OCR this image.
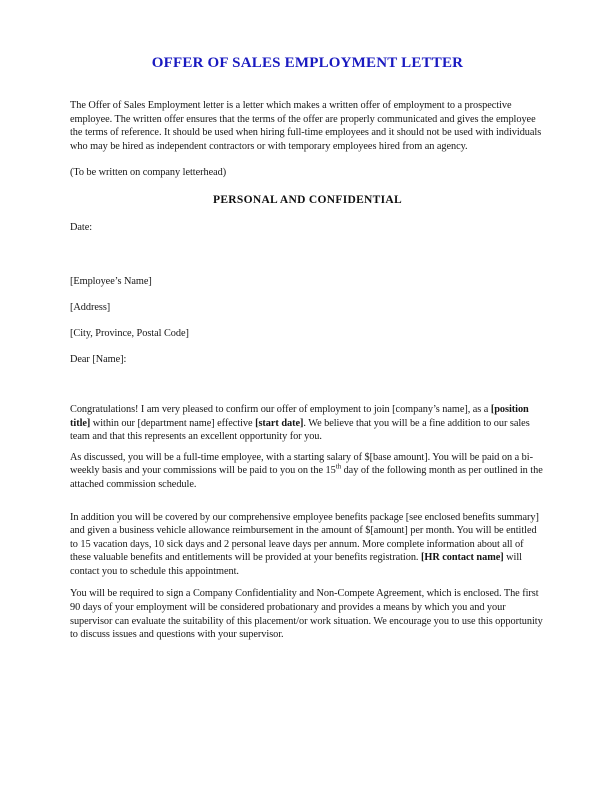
OFFER OF SALES EMPLOYMENT LETTER

The Offer of Sales Employment letter is a letter which makes a written offer of employment to a prospective employee. The written offer ensures that the terms of the offer are properly communicated and gives the employee the terms of reference. It should be used when hiring full-time employees and it should not be used with individuals who may be hired as independent contractors or with temporary employees hired from an agency.

(To be written on company letterhead)

PERSONAL AND CONFIDENTIAL

Date:

[Employee’s Name]

[Address]

[City, Province, Postal Code]

Dear [Name]:

Congratulations! I am very pleased to confirm our offer of employment to join [company’s name], as a [position title] within our [department name] effective [start date]. We believe that you will be a fine addition to our sales team and that this represents an excellent opportunity for you.

As discussed, you will be a full-time employee, with a starting salary of $[base amount]. You will be paid on a bi-weekly basis and your commissions will be paid to you on the 15th day of the following month as per outlined in the attached commission schedule.

In addition you will be covered by our comprehensive employee benefits package [see enclosed benefits summary] and given a business vehicle allowance reimbursement in the amount of $[amount] per month. You will be entitled to 15 vacation days, 10 sick days and 2 personal leave days per annum. More complete information about all of these valuable benefits and entitlements will be provided at your benefits registration. [HR contact name] will contact you to schedule this appointment.

You will be required to sign a Company Confidentiality and Non-Compete Agreement, which is enclosed. The first 90 days of your employment will be considered probationary and provides a means by which you and your supervisor can evaluate the suitability of this placement/or work situation. We encourage you to use this opportunity to discuss issues and questions with your supervisor.
